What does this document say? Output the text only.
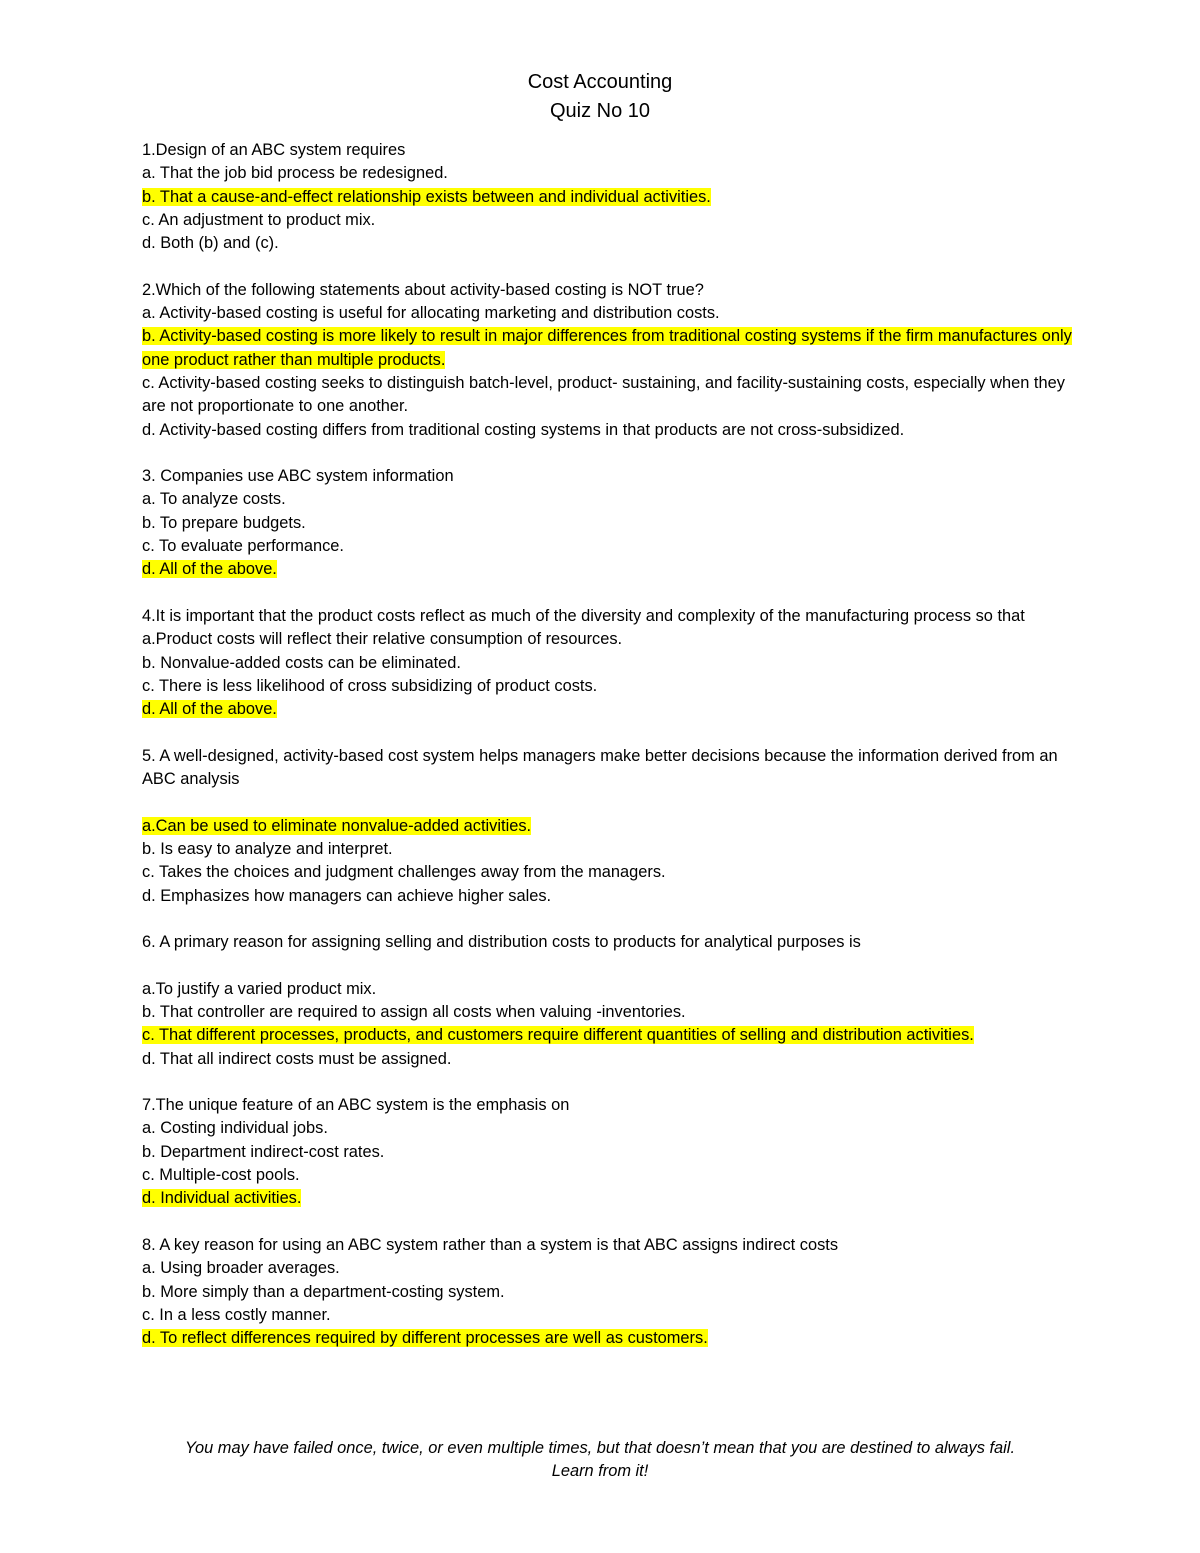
Cost Accounting
Quiz No 10
1.Design of an ABC system requires
a. That the job bid process be redesigned.
b. That a cause-and-effect relationship exists between and individual activities.
c. An adjustment to product mix.
d. Both (b) and (c).
2.Which of the following statements about activity-based costing is NOT true?
a. Activity-based costing is useful for allocating marketing and distribution costs.
b. Activity-based costing is more likely to result in major differences from traditional costing systems if the firm manufactures only one product rather than multiple products.
c. Activity-based costing seeks to distinguish batch-level, product- sustaining, and facility-sustaining costs, especially when they are not proportionate to one another.
d. Activity-based costing differs from traditional costing systems in that products are not cross-subsidized.
3. Companies use ABC system information
a. To analyze costs.
b. To prepare budgets.
c. To evaluate performance.
d. All of the above.
4.It is important that the product costs reflect as much of the diversity and complexity of the manufacturing process so that
a.Product costs will reflect their relative consumption of resources.
b. Nonvalue-added costs can be eliminated.
c. There is less likelihood of cross subsidizing of product costs.
d. All of the above.
5. A well-designed, activity-based cost system helps managers make better decisions because the information derived from an ABC analysis
a.Can be used to eliminate nonvalue-added activities.
b. Is easy to analyze and interpret.
c. Takes the choices and judgment challenges away from the managers.
d. Emphasizes how managers can achieve higher sales.
6. A primary reason for assigning selling and distribution costs to products for analytical purposes is
a.To justify a varied product mix.
b. That controller are required to assign all costs when valuing -inventories.
c. That different processes, products, and customers require different quantities of selling and distribution activities.
d. That all indirect costs must be assigned.
7.The unique feature of an ABC system is the emphasis on
a. Costing individual jobs.
b. Department indirect-cost rates.
c. Multiple-cost pools.
d. Individual activities.
8. A key reason for using an ABC system rather than a system is that ABC assigns indirect costs
a. Using broader averages.
b. More simply than a department-costing system.
c. In a less costly manner.
d. To reflect differences required by different processes are well as customers.
You may have failed once, twice, or even multiple times, but that doesn’t mean that you are destined to always fail.
Learn from it!
